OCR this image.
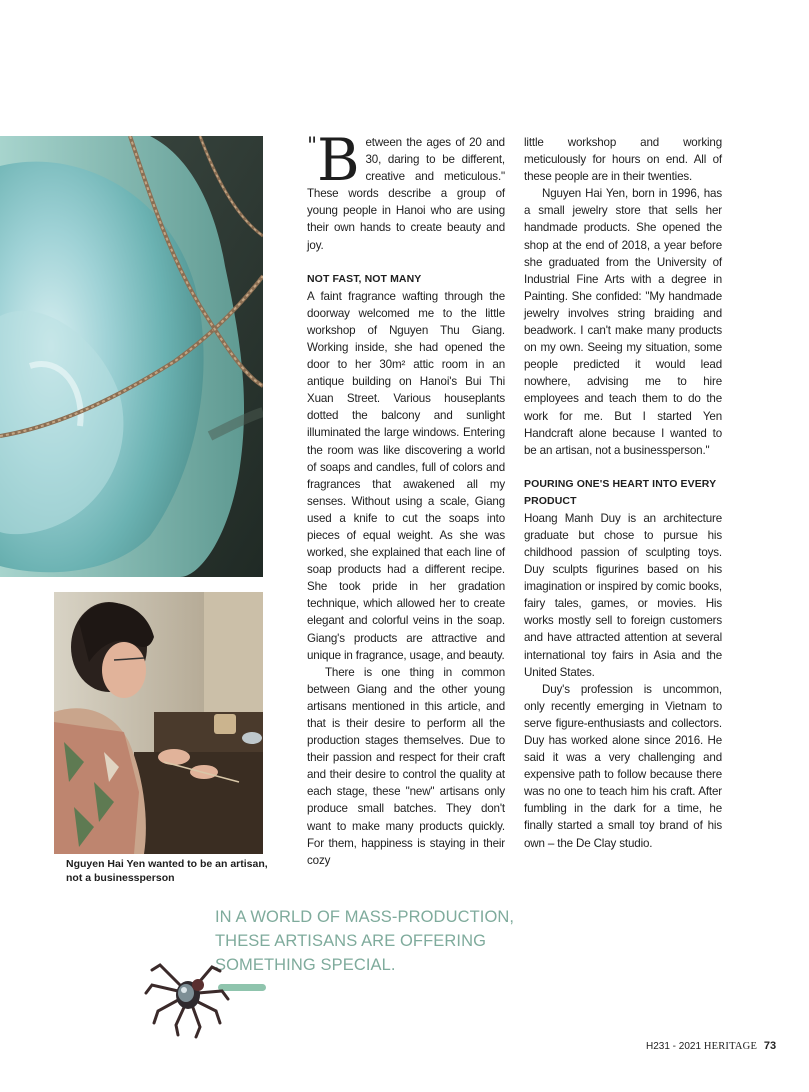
Nguyen Hai Yen wanted to be an artisan, not a businessperson
"B etween the ages of 20 and 30, daring to be different, creative and meticulous." These words describe a group of young people in Hanoi who are using their own hands to create beauty and joy.

NOT FAST, NOT MANY

A faint fragrance wafting through the doorway welcomed me to the little workshop of Nguyen Thu Giang. Working inside, she had opened the door to her 30m² attic room in an antique building on Hanoi's Bui Thi Xuan Street. Various houseplants dotted the balcony and sunlight illuminated the large windows. Entering the room was like discovering a world of soaps and candles, full of colors and fragrances that awakened all my senses. Without using a scale, Giang used a knife to cut the soaps into pieces of equal weight. As she was worked, she explained that each line of soap products had a different recipe. She took pride in her gradation technique, which allowed her to create elegant and colorful veins in the soap. Giang's products are attractive and unique in fragrance, usage, and beauty.

There is one thing in common between Giang and the other young artisans mentioned in this article, and that is their desire to perform all the production stages themselves. Due to their passion and respect for their craft and their desire to control the quality at each stage, these "new" artisans only produce small batches. They don't want to make many products quickly. For them, happiness is staying in their cozy

little workshop and working meticulously for hours on end. All of these people are in their twenties.

Nguyen Hai Yen, born in 1996, has a small jewelry store that sells her handmade products. She opened the shop at the end of 2018, a year before she graduated from the University of Industrial Fine Arts with a degree in Painting. She confided: "My handmade jewelry involves string braiding and beadwork. I can't make many products on my own. Seeing my situation, some people predicted it would lead nowhere, advising me to hire employees and teach them to do the work for me. But I started Yen Handcraft alone because I wanted to be an artisan, not a businessperson."

POURING ONE'S HEART INTO EVERY PRODUCT

Hoang Manh Duy is an architecture graduate but chose to pursue his childhood passion of sculpting toys. Duy sculpts figurines based on his imagination or inspired by comic books, fairy tales, games, or movies. His works mostly sell to foreign customers and have attracted attention at several international toy fairs in Asia and the United States.

Duy's profession is uncommon, only recently emerging in Vietnam to serve figure-enthusiasts and collectors. Duy has worked alone since 2016. He said it was a very challenging and expensive path to follow because there was no one to teach him his craft. After fumbling in the dark for a time, he finally started a small toy brand of his own – the De Clay studio.

IN A WORLD OF MASS-PRODUCTION,
THESE ARTISANS ARE OFFERING
SOMETHING SPECIAL.
H231 - 2021 HERITAGE 73
